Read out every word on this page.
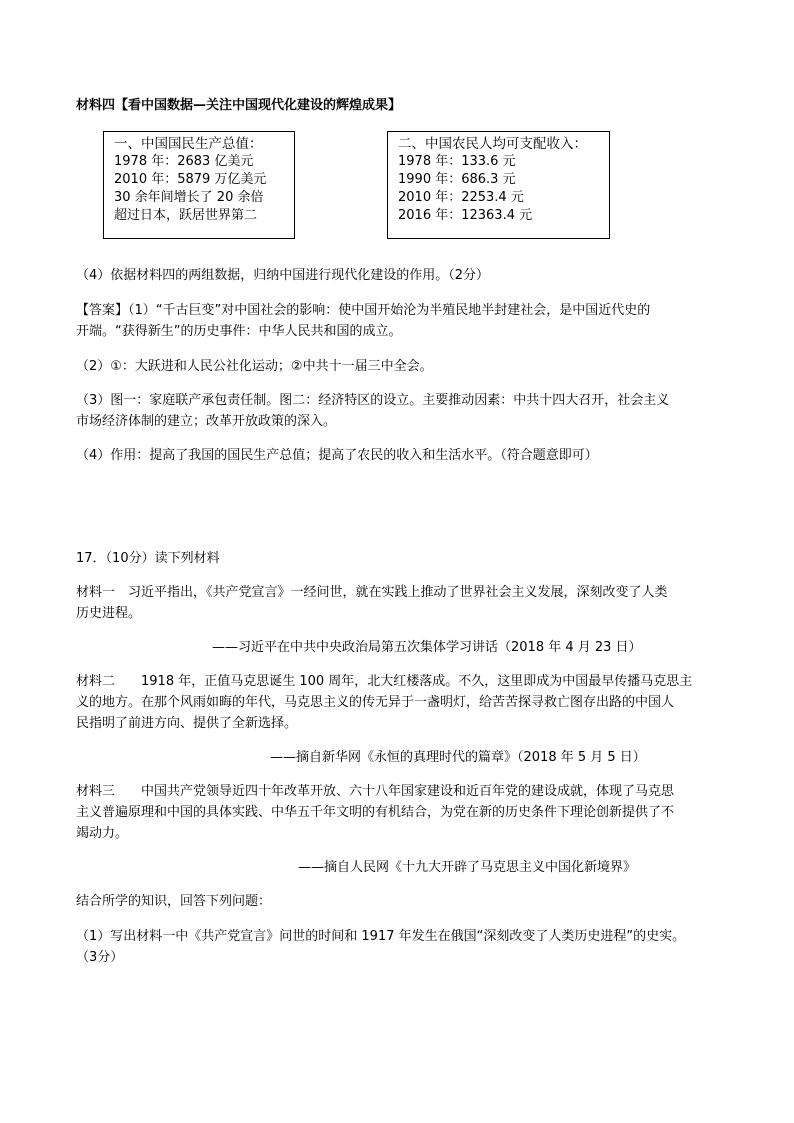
材料四【看中国数据—关注中国现代化建设的辉煌成果】
一、中国国民生产总值：
1978 年：2683 亿美元
2010 年：5879 万亿美元
30 余年间增长了 20 余倍
超过日本，跃居世界第二
二、中国农民人均可支配收入：
1978 年：133.6 元
1990 年：686.3 元
2010 年：2253.4 元
2016 年：12363.4 元
（4）依据材料四的两组数据，归纳中国进行现代化建设的作用。（2分）
【答案】（1）“千古巨变”对中国社会的影响：使中国开始沦为半殖民地半封建社会，是中国近代史的
开端。“获得新生”的历史事件：中华人民共和国的成立。
（2）①：大跃进和人民公社化运动；②中共十一届三中全会。
（3）图一：家庭联产承包责任制。图二：经济特区的设立。主要推动因素：中共十四大召开，社会主义
市场经济体制的建立；改革开放政策的深入。
（4）作用：提高了我国的国民生产总值；提高了农民的收入和生活水平。（符合题意即可）
17．（10分）读下列材料
材料一　习近平指出，《共产党宣言》一经问世，就在实践上推动了世界社会主义发展，深刻改变了人类
历史进程。
——习近平在中共中央政治局第五次集体学习讲话（2018 年 4 月 23 日）
材料二　　1918 年，正值马克思诞生 100 周年，北大红楼落成。不久，这里即成为中国最早传播马克思主
义的地方。在那个风雨如晦的年代，马克思主义的传无异于一盏明灯，给苦苦探寻救亡图存出路的中国人
民指明了前进方向、提供了全新选择。
——摘自新华网《永恒的真理时代的篇章》（2018 年 5 月 5 日）
材料三　　中国共产党领导近四十年改革开放、六十八年国家建设和近百年党的建设成就，体现了马克思
主义普遍原理和中国的具体实践、中华五千年文明的有机结合，为党在新的历史条件下理论创新提供了不
竭动力。
——摘自人民网《十九大开辟了马克思主义中国化新境界》
结合所学的知识，回答下列问题：
（1）写出材料一中《共产党宣言》问世的时间和 1917 年发生在俄国“深刻改变了人类历史进程”的史实。
（3分）
